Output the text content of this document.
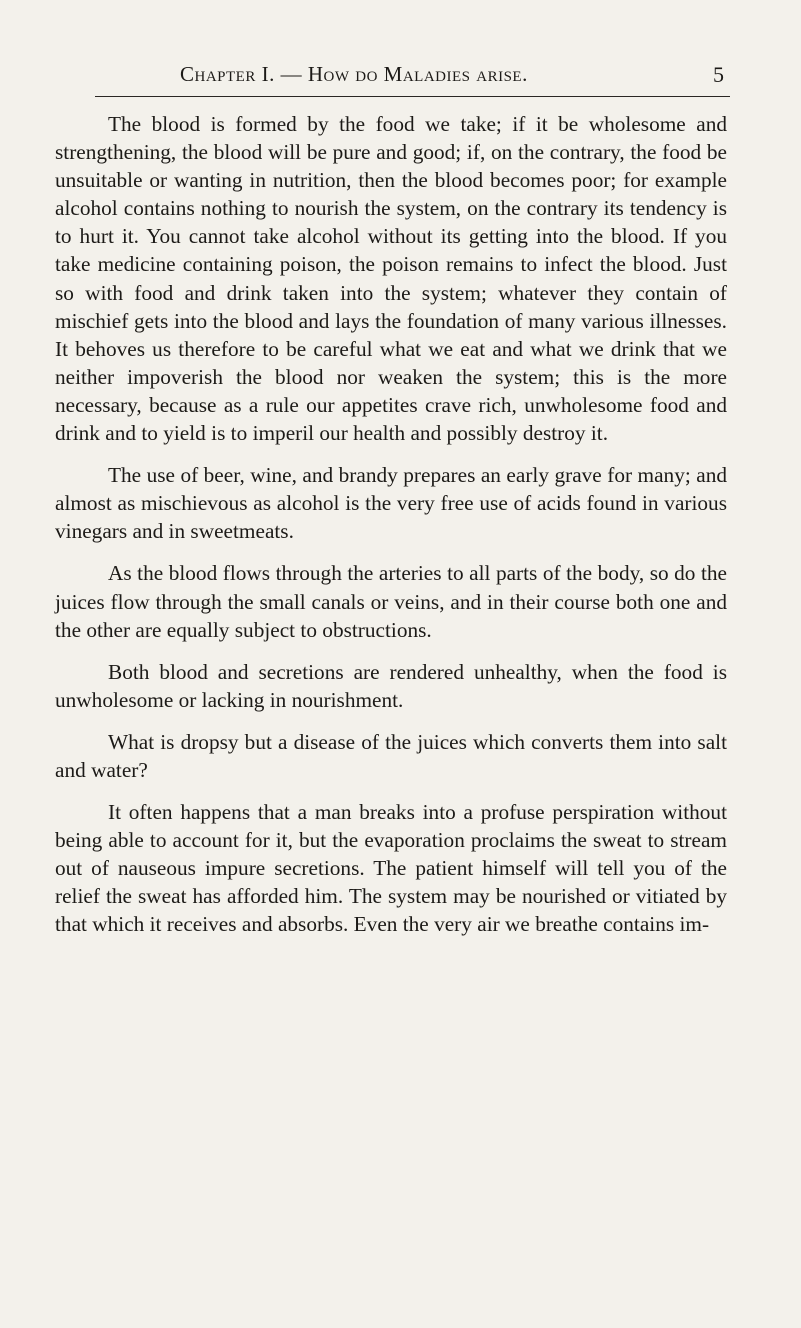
Chapter I. — How do Maladies arise.	5

The blood is formed by the food we take; if it be wholesome and strengthening, the blood will be pure and good; if, on the contrary, the food be unsuitable or wanting in nutrition, then the blood becomes poor; for example alcohol contains nothing to nourish the system, on the contrary its tendency is to hurt it. You cannot take alcohol without its getting into the blood. If you take medicine containing poison, the poison remains to infect the blood. Just so with food and drink taken into the system; whatever they contain of mischief gets into the blood and lays the foundation of many various illnesses. It behoves us therefore to be careful what we eat and what we drink that we neither impoverish the blood nor weaken the system; this is the more necessary, because as a rule our appetites crave rich, unwholesome food and drink and to yield is to imperil our health and possibly destroy it.

The use of beer, wine, and brandy prepares an early grave for many; and almost as mischievous as alcohol is the very free use of acids found in various vinegars and in sweetmeats.

As the blood flows through the arteries to all parts of the body, so do the juices flow through the small canals or veins, and in their course both one and the other are equally subject to obstructions.

Both blood and secretions are rendered unhealthy, when the food is unwholesome or lacking in nourishment.

What is dropsy but a disease of the juices which converts them into salt and water?

It often happens that a man breaks into a profuse perspiration without being able to account for it, but the evaporation proclaims the sweat to stream out of nauseous impure secretions. The patient himself will tell you of the relief the sweat has afforded him. The system may be nourished or vitiated by that which it receives and absorbs. Even the very air we breathe contains im-
